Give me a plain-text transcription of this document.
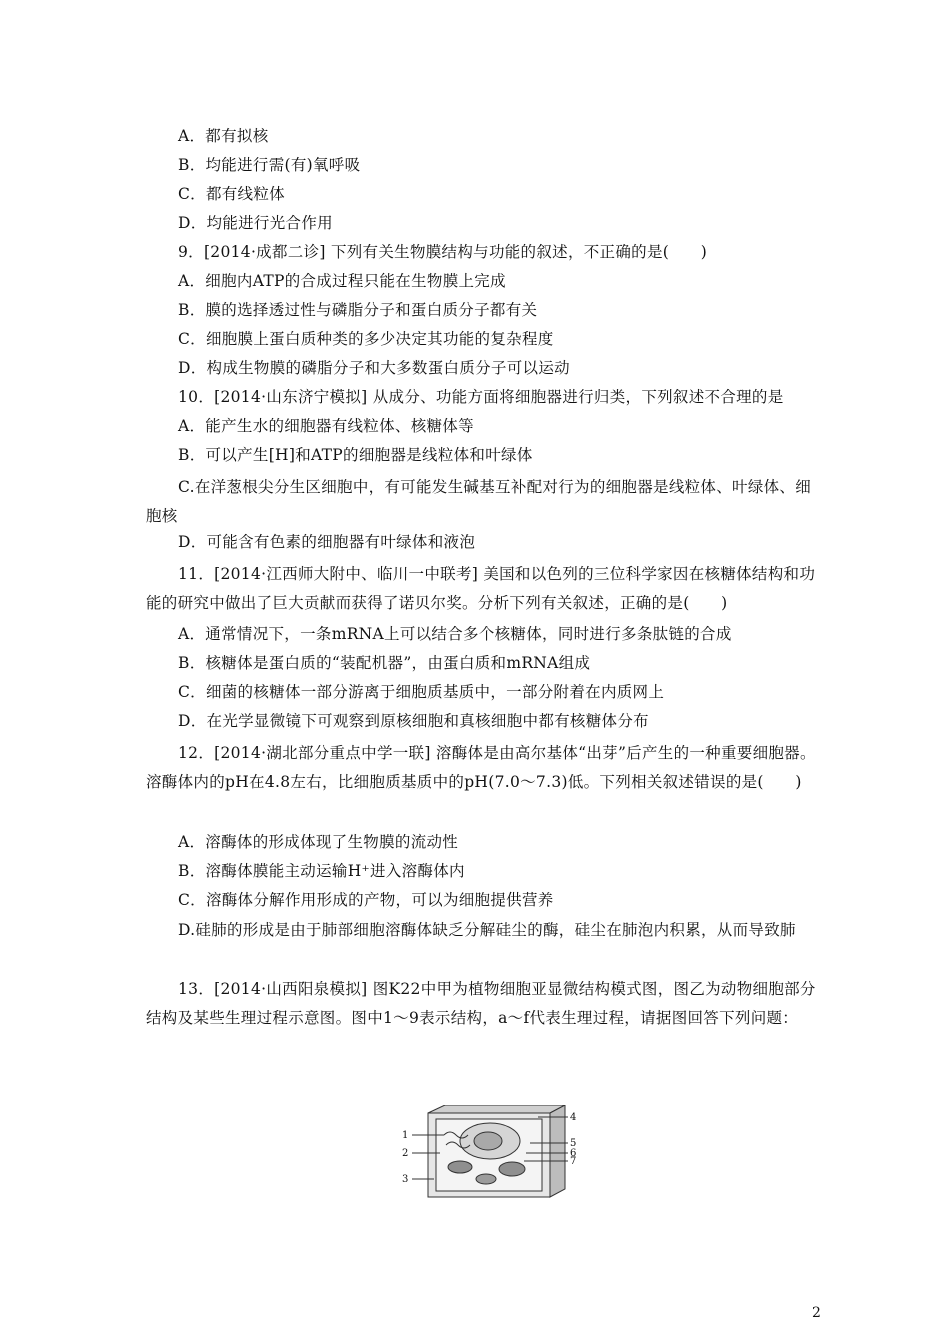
A．都有拟核
B．均能进行需(有)氧呼吸
C．都有线粒体
D．均能进行光合作用
9．[2014·成都二诊] 下列有关生物膜结构与功能的叙述，不正确的是(　　)
A．细胞内ATP的合成过程只能在生物膜上完成
B．膜的选择透过性与磷脂分子和蛋白质分子都有关
C．细胞膜上蛋白质种类的多少决定其功能的复杂程度
D．构成生物膜的磷脂分子和大多数蛋白质分子可以运动
10．[2014·山东济宁模拟] 从成分、功能方面将细胞器进行归类，下列叙述不合理的是
A．能产生水的细胞器有线粒体、核糖体等
B．可以产生[H]和ATP的细胞器是线粒体和叶绿体
C.在洋葱根尖分生区细胞中，有可能发生碱基互补配对行为的细胞器是线粒体、叶绿体、细胞核
D．可能含有色素的细胞器有叶绿体和液泡
11．[2014·江西师大附中、临川一中联考] 美国和以色列的三位科学家因在核糖体结构和功能的研究中做出了巨大贡献而获得了诺贝尔奖。分析下列有关叙述，正确的是(　　)
A．通常情况下，一条mRNA上可以结合多个核糖体，同时进行多条肽链的合成
B．核糖体是蛋白质的“装配机器”，由蛋白质和mRNA组成
C．细菌的核糖体一部分游离于细胞质基质中，一部分附着在内质网上
D．在光学显微镜下可观察到原核细胞和真核细胞中都有核糖体分布
12．[2014·湖北部分重点中学一联] 溶酶体是由高尔基体“出芽”后产生的一种重要细胞器。溶酶体内的pH在4.8左右，比细胞质基质中的pH(7.0～7.3)低。下列相关叙述错误的是(　　)
A．溶酶体的形成体现了生物膜的流动性
B．溶酶体膜能主动运输H⁺进入溶酶体内
C．溶酶体分解作用形成的产物，可以为细胞提供营养
D.硅肺的形成是由于肺部细胞溶酶体缺乏分解硅尘的酶，硅尘在肺泡内积累，从而导致肺
13．[2014·山西阳泉模拟] 图K22中甲为植物细胞亚显微结构模式图，图乙为动物细胞部分结构及某些生理过程示意图。图中1～9表示结构，a～f代表生理过程，请据图回答下列问题：
1
2
3
4
5
6
7
2
